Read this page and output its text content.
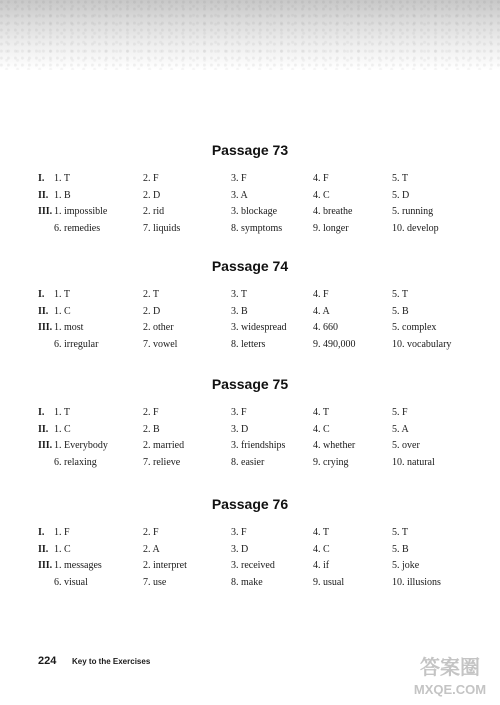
Passage 73
I. 1. T	2. F	3. F	4. F	5. T
II. 1. B	2. D	3. A	4. C	5. D
III. 1. impossible	2. rid	3. blockage	4. breathe	5. running
6. remedies	7. liquids	8. symptoms	9. longer	10. develop
Passage 74
I. 1. T	2. T	3. T	4. F	5. T
II. 1. C	2. D	3. B	4. A	5. B
III. 1. most	2. other	3. widespread	4. 660	5. complex
6. irregular	7. vowel	8. letters	9. 490,000	10. vocabulary
Passage 75
I. 1. T	2. F	3. F	4. T	5. F
II. 1. C	2. B	3. D	4. C	5. A
III. 1. Everybody	2. married	3. friendships	4. whether	5. over
6. relaxing	7. relieve	8. easier	9. crying	10. natural
Passage 76
I. 1. F	2. F	3. F	4. T	5. T
II. 1. C	2. A	3. D	4. C	5. B
III. 1. messages	2. interpret	3. received	4. if	5. joke
6. visual	7. use	8. make	9. usual	10. illusions
224 Key to the Exercises	答案圈
MXQE.COM
